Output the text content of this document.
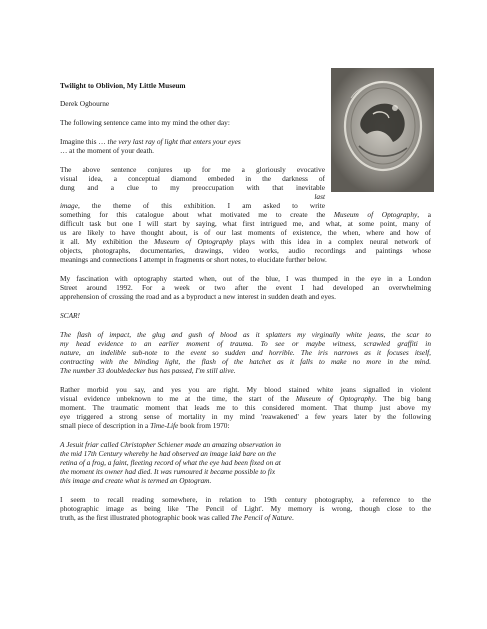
Twilight to Oblivion, My Little Museum
Derek Ogbourne
The following sentence came into my mind the other day:
Imagine this … the very last ray of light that enters your eyes
… at the moment of your death.
The above sentence conjures up for me a gloriously evocative
visual idea, a conceptual diamond embeded in the darkness of
dung and a clue to my preoccupation with that inevitable
last
image, the theme of this exhibition. I am asked to write
something for this catalogue about what motivated me to create the Museum of Optography, a
difficult task but one I will start by saying, what first intrigued me, and what, at some point, many of
us are likely to have thought about, is of our last moments of existence, the when, where and how of
it all. My exhibition the Museum of Optography plays with this idea in a complex neural network of
objects, photographs, documentaries, drawings, video works, audio recordings and paintings whose
meanings and connections I attempt in fragments or short notes, to elucidate further below.
My fascination with optography started when, out of the blue, I was thumped in the eye in a London
Street around 1992. For a week or two after the event I had developed an overwhelming
apprehension of crossing the road and as a byproduct a new interest in sudden death and eyes.
SCAR!
The flash of impact, the glug and gush of blood as it splatters my virginally white jeans, the scar to
my head evidence to an earlier moment of trauma. To see or maybe witness, scrawled graffiti in
nature, an indelible sub-note to the event so sudden and horrible. The iris narrows as it focuses itself,
contracting with the blinding light, the flash of the hatchet as it falls to make no more in the mind.
The number 33 doubledecker bus has passed, I'm still alive.
Rather morbid you say, and yes you are right. My blood stained white jeans signalled in violent
visual evidence unbeknown to me at the time, the start of the Museum of Optography. The big bang
moment. The traumatic moment that leads me to this considered moment. That thump just above my
eye triggered a strong sense of mortality in my mind 'reawakened' a few years later by the following
small piece of description in a Time-Life book from 1970:
A Jesuit friar called Christopher Schiener made an amazing observation in
the mid 17th Century whereby he had observed an image laid bare on the
retina of a frog, a faint, fleeting record of what the eye had been fixed on at
the moment its owner had died. It was rumoured it became possible to fix
this image and create what is termed an Optogram.
I seem to recall reading somewhere, in relation to 19th century photography, a reference to the
photographic image as being like 'The Pencil of Light'. My memory is wrong, though close to the
truth, as the first illustrated photographic book was called The Pencil of Nature.
